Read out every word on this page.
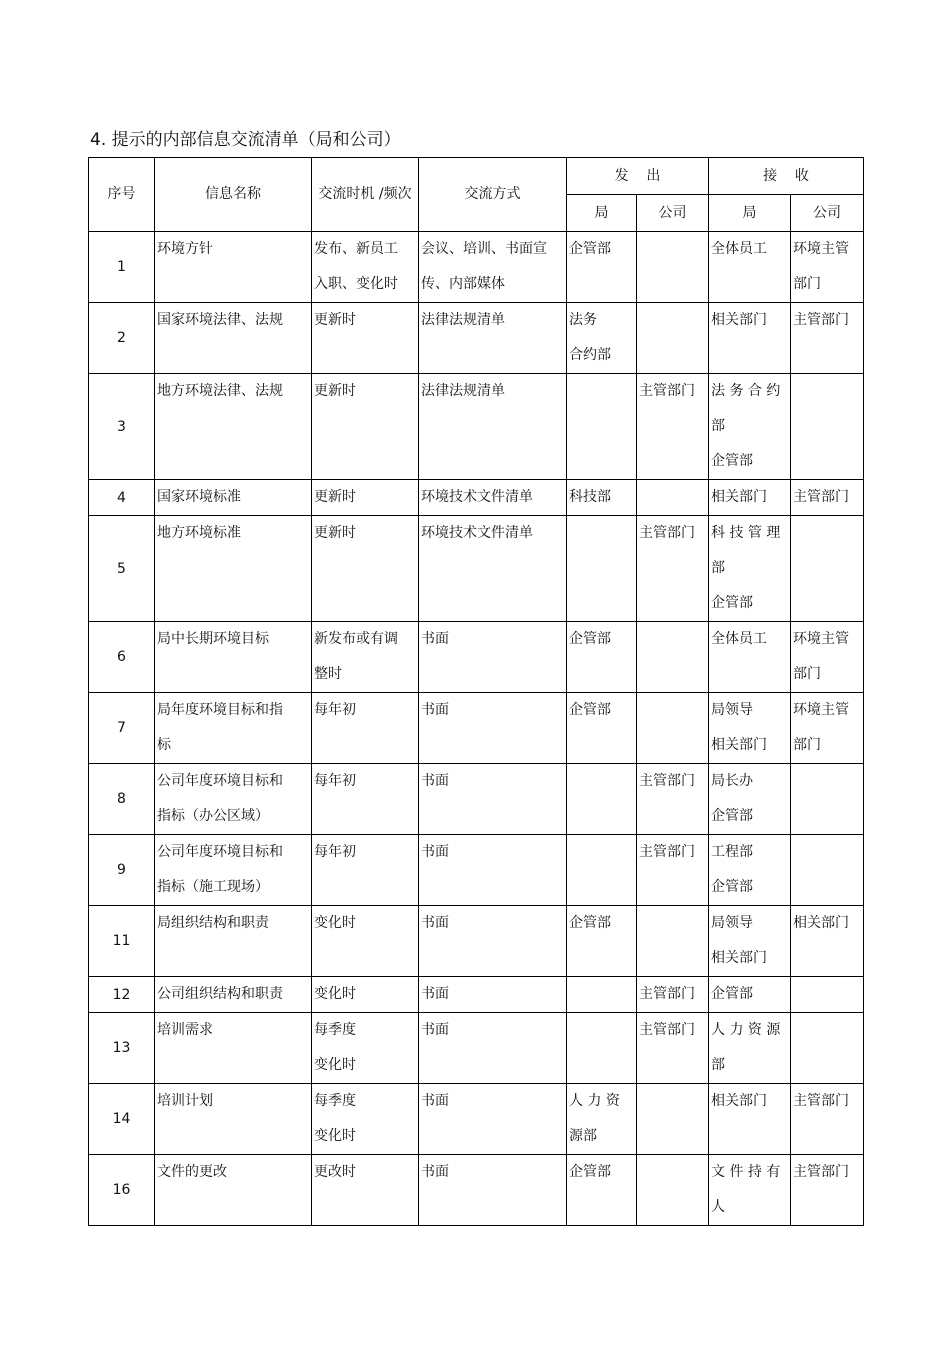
4. 提示的内部信息交流清单（局和公司）
序号	信息名称	交流时机 /频次	交流方式	发    出		接    收	
				局	公司	局	公司
1	环境方针	发布、新员工
入职、变化时	会议、培训、书面宣
传、内部媒体	企管部		全体员工	环境主管
部门
2	国家环境法律、法规	更新时	法律法规清单	法务
合约部		相关部门	主管部门
3	地方环境法律、法规	更新时	法律法规清单		主管部门	法 务 合 约
部
企管部	
4	国家环境标准	更新时	环境技术文件清单	科技部		相关部门	主管部门
5	地方环境标准	更新时	环境技术文件清单		主管部门	科 技 管 理
部
企管部	
6	局中长期环境目标	新发布或有调
整时	书面	企管部		全体员工	环境主管
部门
7	局年度环境目标和指
标	每年初	书面	企管部		局领导
相关部门	环境主管
部门
8	公司年度环境目标和
指标（办公区域）	每年初	书面		主管部门	局长办
企管部	
9	公司年度环境目标和
指标（施工现场）	每年初	书面		主管部门	工程部
企管部	
11	局组织结构和职责	变化时	书面	企管部		局领导
相关部门	相关部门
12	公司组织结构和职责	变化时	书面		主管部门	企管部	
13	培训需求	每季度
变化时	书面		主管部门	人 力 资 源
部	
14	培训计划	每季度
变化时	书面	人 力 资
源部		相关部门	主管部门
16	文件的更改	更改时	书面	企管部		文 件 持 有
人	主管部门
